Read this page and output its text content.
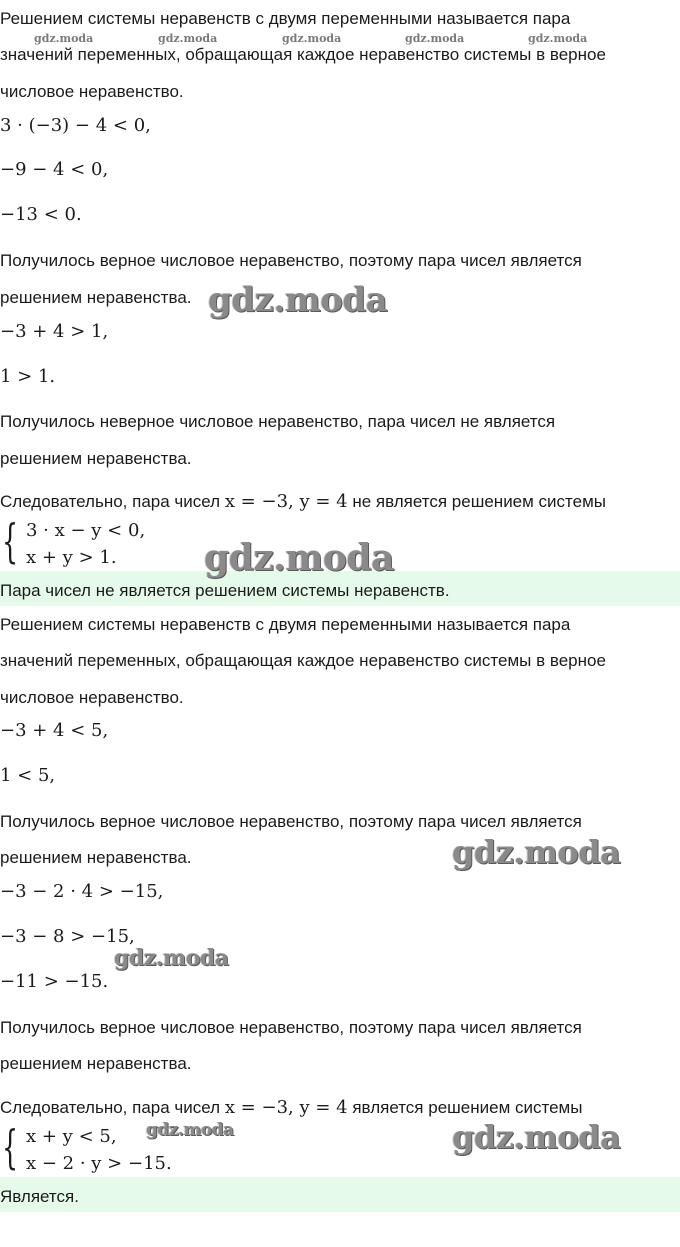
gdz.moda	gdz.moda	gdz.moda	gdz.moda	gdz.moda
Решением системы неравенств с двумя переменными называется пара
значений переменных, обращающая каждое неравенство системы в верное
числовое неравенство.
3 · (−3) − 4 < 0,
−9 − 4 < 0,
−13 < 0.
Получилось верное числовое неравенство, поэтому пара чисел является
решением неравенства.
−3 + 4 > 1,
1 > 1.
Получилось неверное числовое неравенство, пара чисел не является
решением неравенства.
Следовательно, пара чисел x = −3, y = 4 не является решением системы
{ 3 · x − y < 0,
x + y > 1.
Пара чисел не является решением системы неравенств.
Решением системы неравенств с двумя переменными называется пара
значений переменных, обращающая каждое неравенство системы в верное
числовое неравенство.
−3 + 4 < 5,
1 < 5,
Получилось верное числовое неравенство, поэтому пара чисел является
решением неравенства.
−3 − 2 · 4 > −15,
−3 − 8 > −15,
−11 > −15.
Получилось верное числовое неравенство, поэтому пара чисел является
решением неравенства.
Следовательно, пара чисел x = −3, y = 4 является решением системы
{ x + y < 5,
x − 2 · y > −15.
Является.
gdz.moda
gdz.moda
gdz.moda
gdz.moda
gdz.moda	gdz.moda
